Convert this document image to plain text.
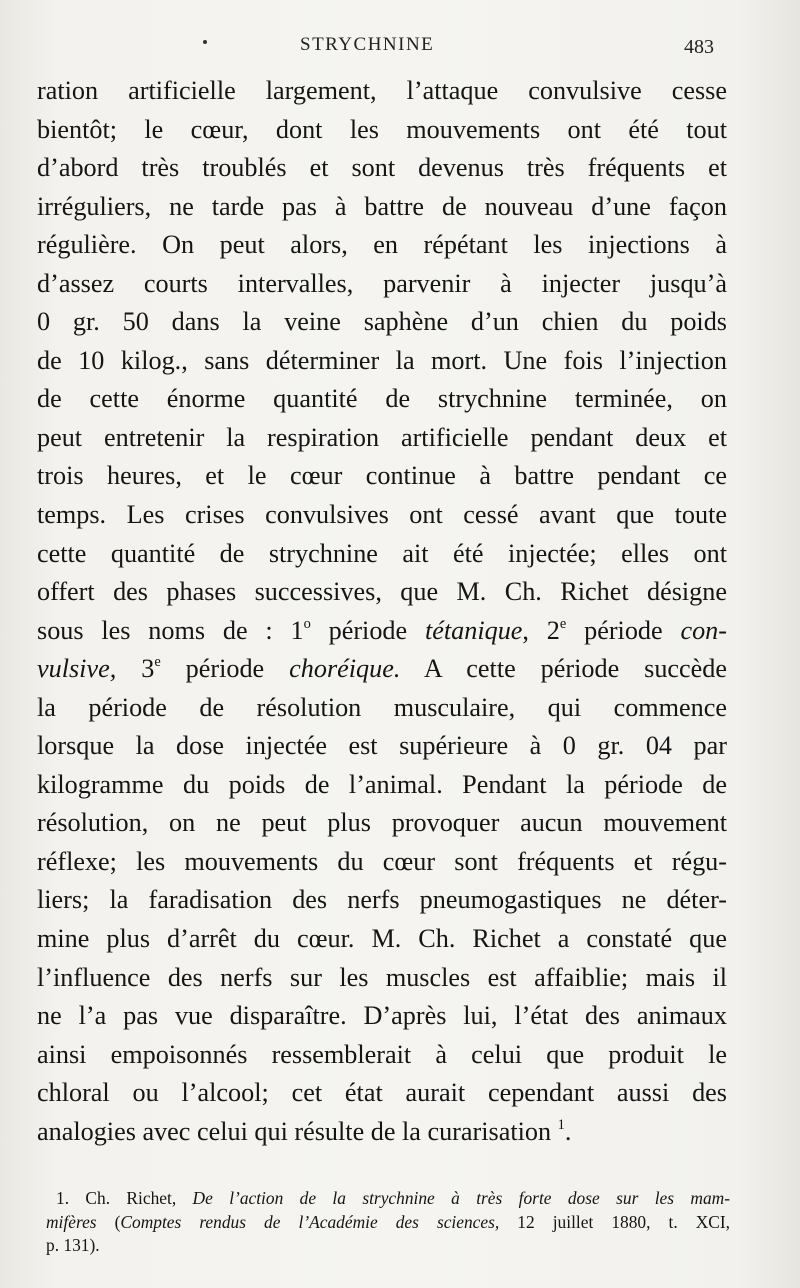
STRYCHNINE	483
ration artificielle largement, l’attaque convulsive cesse
bientôt; le cœur, dont les mouvements ont été tout
d’abord très troublés et sont devenus très fréquents et
irréguliers, ne tarde pas à battre de nouveau d’une façon
régulière. On peut alors, en répétant les injections à
d’assez courts intervalles, parvenir à injecter jusqu’à
0 gr. 50 dans la veine saphène d’un chien du poids
de 10 kilog., sans déterminer la mort. Une fois l’injection
de cette énorme quantité de strychnine terminée, on
peut entretenir la respiration artificielle pendant deux et
trois heures, et le cœur continue à battre pendant ce
temps. Les crises convulsives ont cessé avant que toute
cette quantité de strychnine ait été injectée; elles ont
offert des phases successives, que M. Ch. Richet désigne
sous les noms de : 1$^o$ période tétanique, 2e période con-
vulsive, 3e période choréique. A cette période succède
la période de résolution musculaire, qui commence
lorsque la dose injectée est supérieure à 0 gr. 04 par
kilogramme du poids de l’animal. Pendant la période de
résolution, on ne peut plus provoquer aucun mouvement
réflexe; les mouvements du cœur sont fréquents et régu-
liers; la faradisation des nerfs pneumogastiques ne déter-
mine plus d’arrêt du cœur. M. Ch. Richet a constaté que
l’influence des nerfs sur les muscles est affaiblie; mais il
ne l’a pas vue disparaître. D’après lui, l’état des animaux
ainsi empoisonnés ressemblerait à celui que produit le
chloral ou l’alcool; cet état aurait cependant aussi des
analogies avec celui qui résulte de la curarisation $^1$.
1. Ch. Richet, De l’action de la strychnine à très forte dose sur les mam-
mifères (Comptes rendus de l’Académie des sciences, 12 juillet 1880, t. XCI,
p. 131).
